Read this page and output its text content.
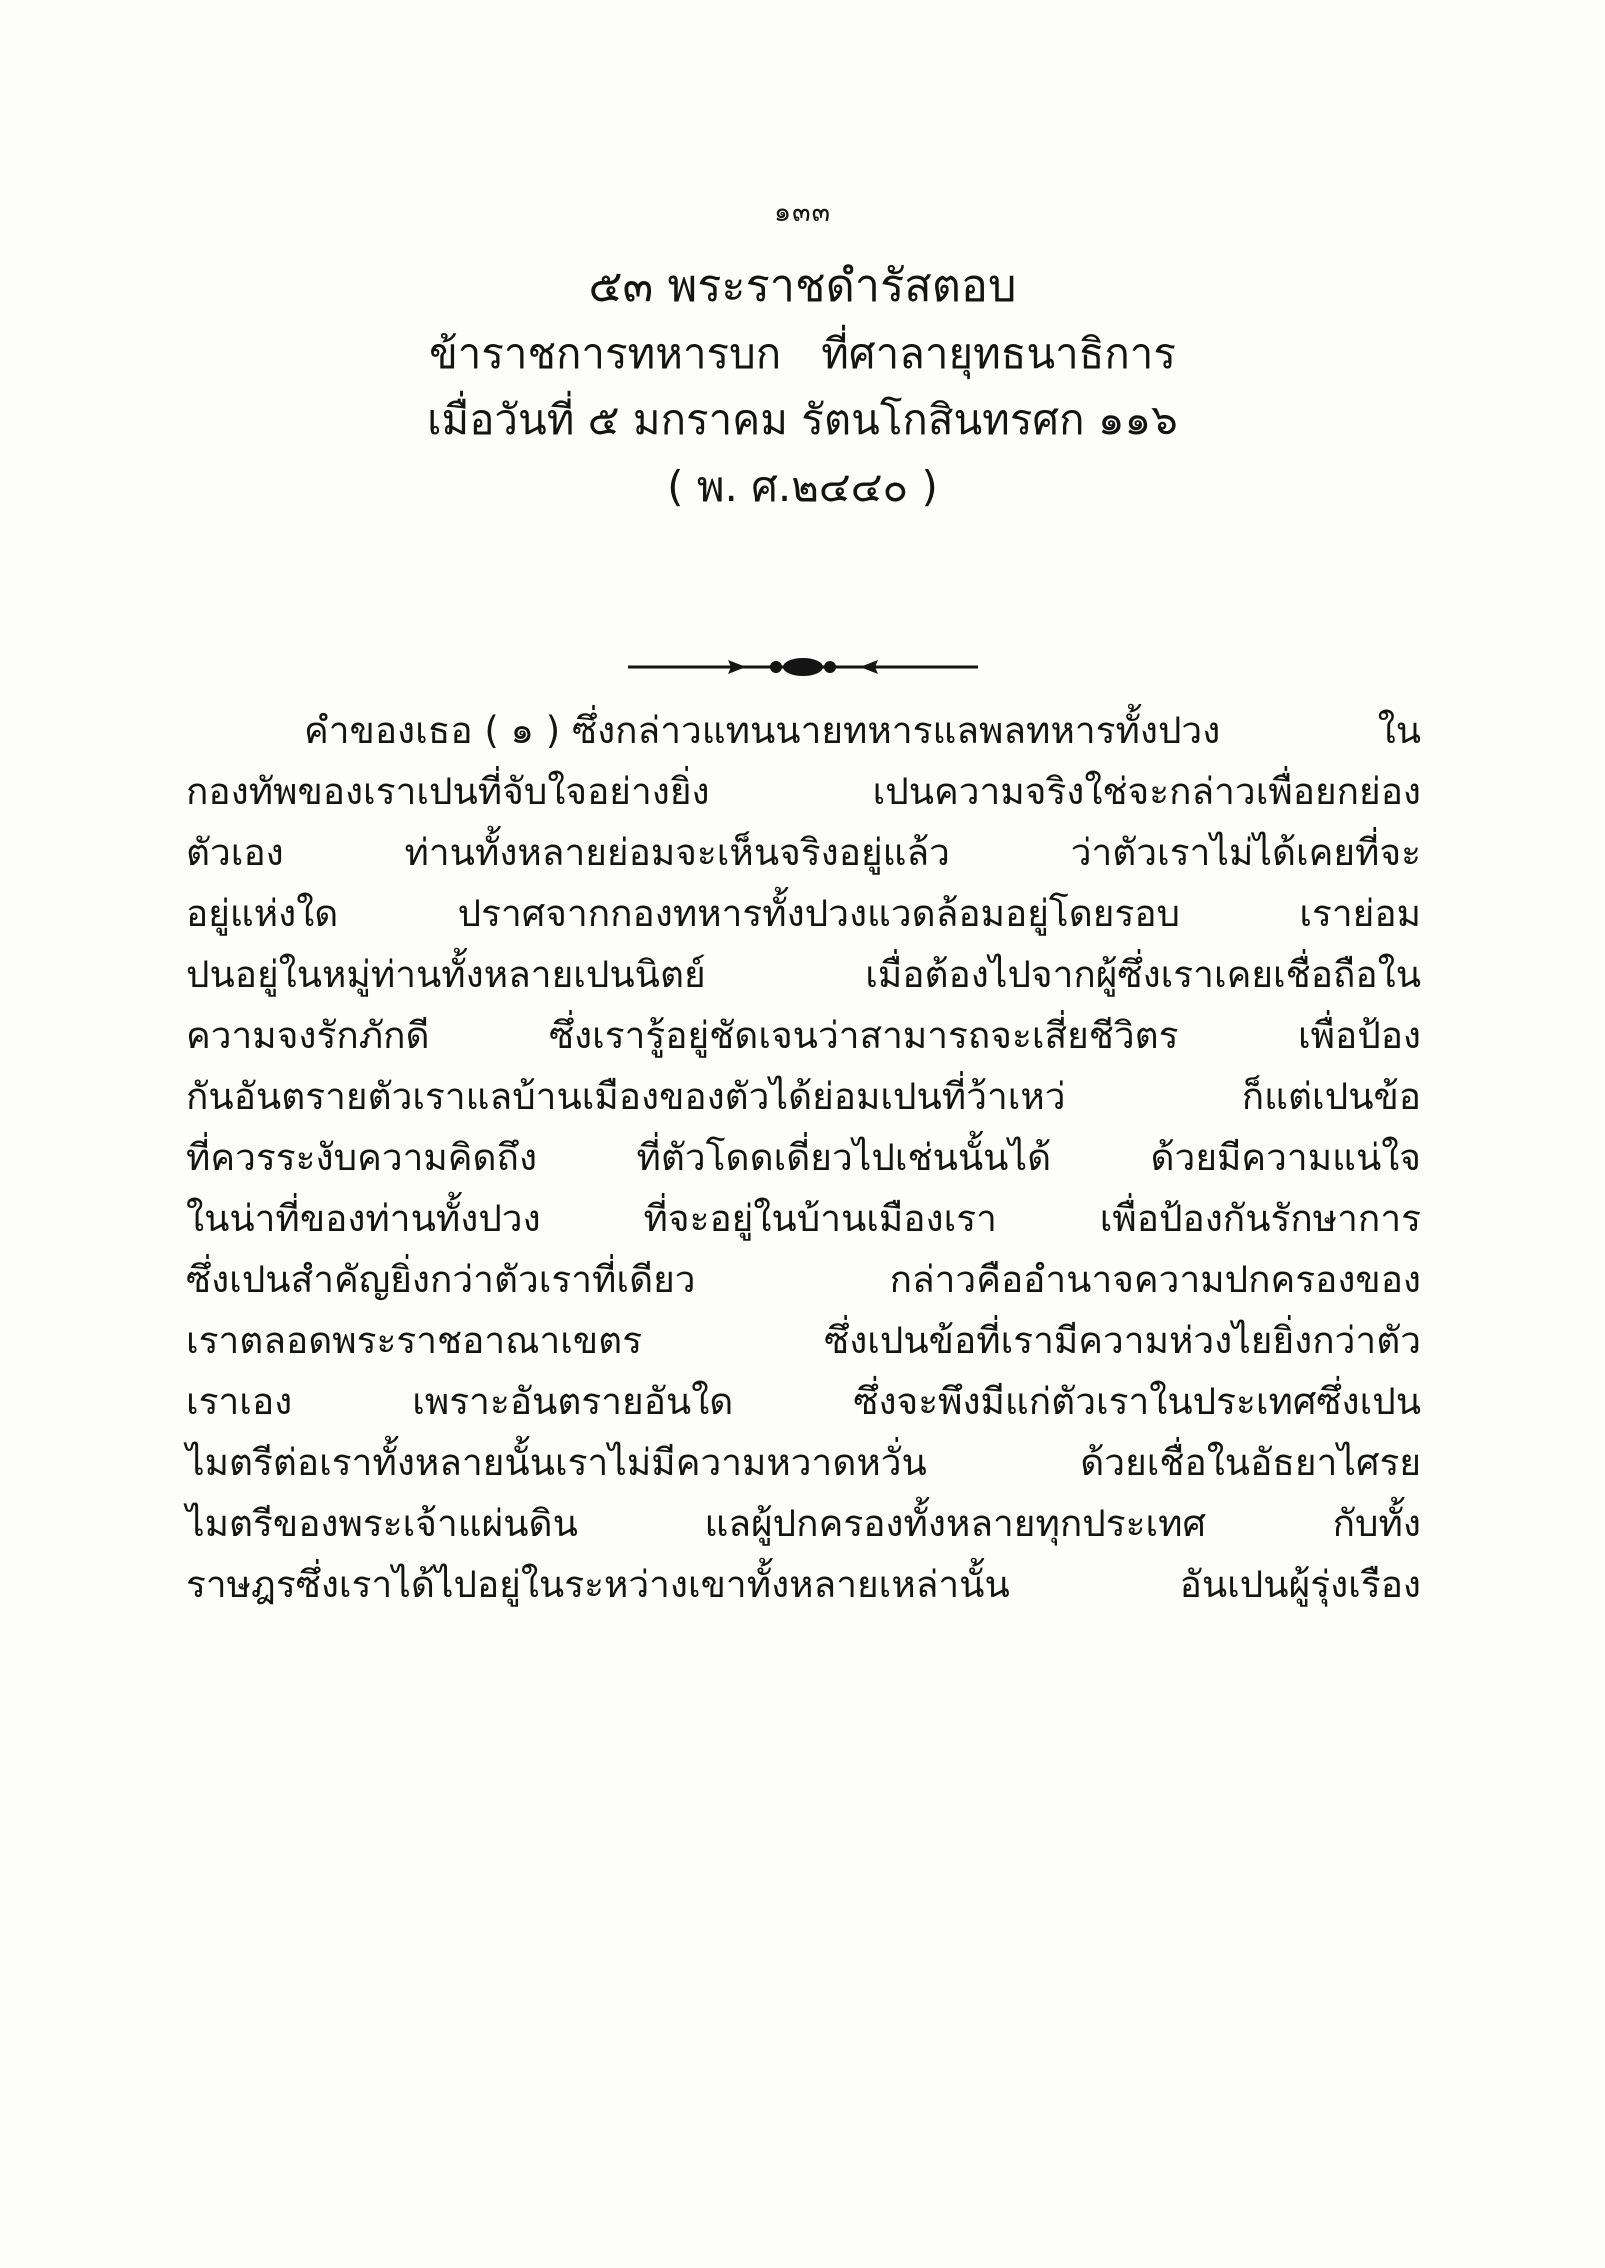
๑๓๓
๕๓ พระราชดำรัสตอบ
ข้าราชการทหารบก   ที่ศาลายุทธนาธิการ
เมื่อวันที่ ๕ มกราคม รัตนโกสินทรศก ๑๑๖
( พ. ศ.๒๔๔๐ )
คำของเธอ ( ๑ ) ซึ่งกล่าวแทนนายทหารแลพลทหารทั้งปวง	ใน
กองทัพของเราเปนที่จับใจอย่างยิ่ง	เปนความจริงใช่จะกล่าวเพื่อยกย่อง
ตัวเอง	ท่านทั้งหลายย่อมจะเห็นจริงอยู่แล้ว	ว่าตัวเราไม่ได้เคยที่จะ
อยู่แห่งใด	ปราศจากกองทหารทั้งปวงแวดล้อมอยู่โดยรอบ	เราย่อม
ปนอยู่ในหมู่ท่านทั้งหลายเปนนิตย์	เมื่อต้องไปจากผู้ซึ่งเราเคยเชื่อถือใน
ความจงรักภักดี	ซึ่งเรารู้อยู่ชัดเจนว่าสามารถจะเสี่ยชีวิตร	เพื่อป้อง
กันอันตรายตัวเราแลบ้านเมืองของตัวได้ย่อมเปนที่ว้าเหว่	ก็แต่เปนข้อ
ที่ควรระงับความคิดถึง	ที่ตัวโดดเดี่ยวไปเช่นนั้นได้	ด้วยมีความแน่ใจ
ในน่าที่ของท่านทั้งปวง	ที่จะอยู่ในบ้านเมืองเรา	เพื่อป้องกันรักษาการ
ซึ่งเปนสำคัญยิ่งกว่าตัวเราที่เดียว	กล่าวคืออำนาจความปกครองของ
เราตลอดพระราชอาณาเขตร	ซึ่งเปนข้อที่เรามีความห่วงไยยิ่งกว่าตัว
เราเอง	เพราะอันตรายอันใด	ซึ่งจะพึงมีแก่ตัวเราในประเทศซึ่งเปน
ไมตรีต่อเราทั้งหลายนั้นเราไม่มีความหวาดหวั่น	ด้วยเชื่อในอัธยาไศรย
ไมตรีของพระเจ้าแผ่นดิน	แลผู้ปกครองทั้งหลายทุกประเทศ	กับทั้ง
ราษฎรซึ่งเราได้ไปอยู่ในระหว่างเขาทั้งหลายเหล่านั้น	อันเปนผู้รุ่งเรือง
